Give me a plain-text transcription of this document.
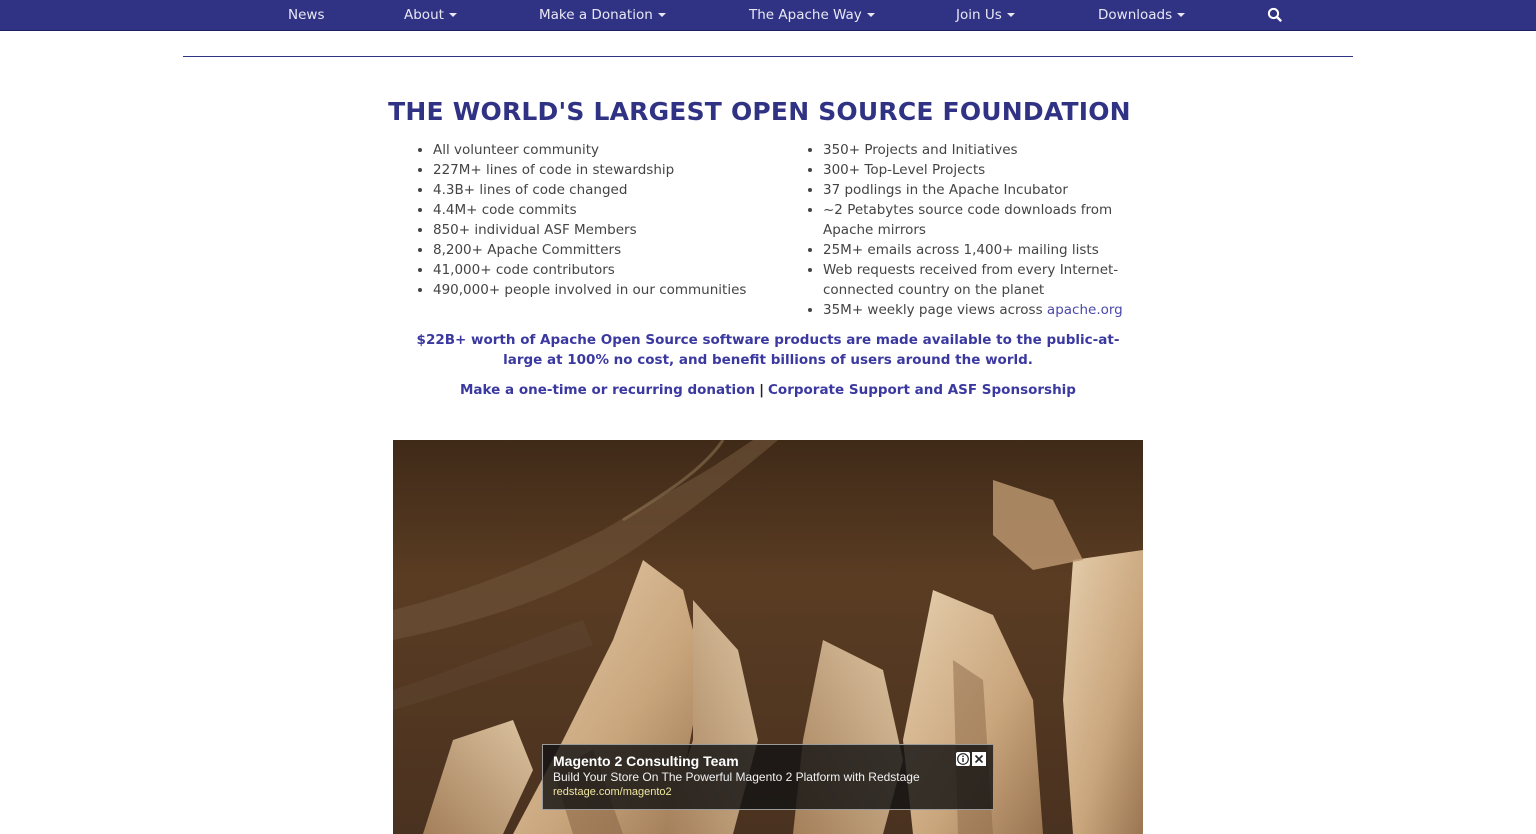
News	About	Make a Donation	The Apache Way	Join Us	Downloads
THE WORLD'S LARGEST OPEN SOURCE FOUNDATION
• All volunteer community
• 227M+ lines of code in stewardship
• 4.3B+ lines of code changed
• 4.4M+ code commits
• 850+ individual ASF Members
• 8,200+ Apache Committers
• 41,000+ code contributors
• 490,000+ people involved in our communities
• 350+ Projects and Initiatives
• 300+ Top-Level Projects
• 37 podlings in the Apache Incubator
• ~2 Petabytes source code downloads from Apache mirrors
• 25M+ emails across 1,400+ mailing lists
• Web requests received from every Internet-connected country on the planet
• 35M+ weekly page views across apache.org
$22B+ worth of Apache Open Source software products are made available to the public-at-large at 100% no cost, and benefit billions of users around the world.
Make a one-time or recurring donation | Corporate Support and ASF Sponsorship
Magento 2 Consulting Team
Build Your Store On The Powerful Magento 2 Platform with Redstage
redstage.com/magento2
